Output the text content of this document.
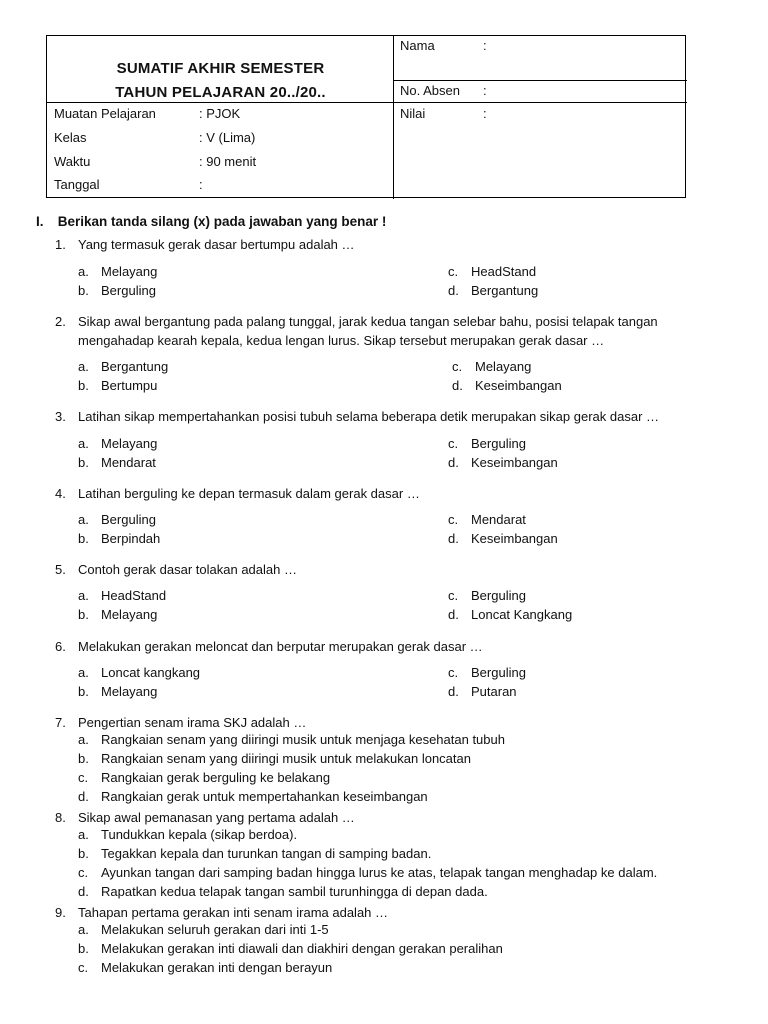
SUMATIF AKHIR SEMESTER
TAHUN PELAJARAN 20../20..
Muatan Pelajaran	: PJOK
Kelas	: V (Lima)
Waktu	: 90 menit
Tanggal	:
Nama	:
No. Absen :
Nilai	:
I. Berikan tanda silang (x) pada jawaban yang benar !
1. Yang termasuk gerak dasar bertumpu adalah …
a. Melayang
b. Berguling
c. HeadStand
d. Bergantung
2. Sikap awal bergantung pada palang tunggal, jarak kedua tangan selebar bahu, posisi telapak tangan
mengahadap kearah kepala, kedua lengan lurus. Sikap tersebut merupakan gerak dasar …
a. Bergantung
b. Bertumpu
c. Melayang
d. Keseimbangan
3. Latihan sikap mempertahankan posisi tubuh selama beberapa detik merupakan sikap gerak dasar …
a. Melayang
b. Mendarat
c. Berguling
d. Keseimbangan
4. Latihan berguling ke depan termasuk dalam gerak dasar …
a. Berguling
b. Berpindah
c. Mendarat
d. Keseimbangan
5. Contoh gerak dasar tolakan adalah …
a. HeadStand
b. Melayang
c. Berguling
d. Loncat Kangkang
6. Melakukan gerakan meloncat dan berputar merupakan gerak dasar …
a. Loncat kangkang
b. Melayang
c. Berguling
d. Putaran
7. Pengertian senam irama SKJ adalah …
a. Rangkaian senam yang diiringi musik untuk menjaga kesehatan tubuh
b. Rangkaian senam yang diiringi musik untuk melakukan loncatan
c. Rangkaian gerak berguling ke belakang
d. Rangkaian gerak untuk mempertahankan keseimbangan
8. Sikap awal pemanasan yang pertama adalah …
a. Tundukkan kepala (sikap berdoa).
b. Tegakkan kepala dan turunkan tangan di samping badan.
c. Ayunkan tangan dari samping badan hingga lurus ke atas, telapak tangan menghadap ke dalam.
d. Rapatkan kedua telapak tangan sambil turunhingga di depan dada.
9. Tahapan pertama gerakan inti senam irama adalah …
a. Melakukan seluruh gerakan dari inti 1-5
b. Melakukan gerakan inti diawali dan diakhiri dengan gerakan peralihan
c. Melakukan gerakan inti dengan berayun
